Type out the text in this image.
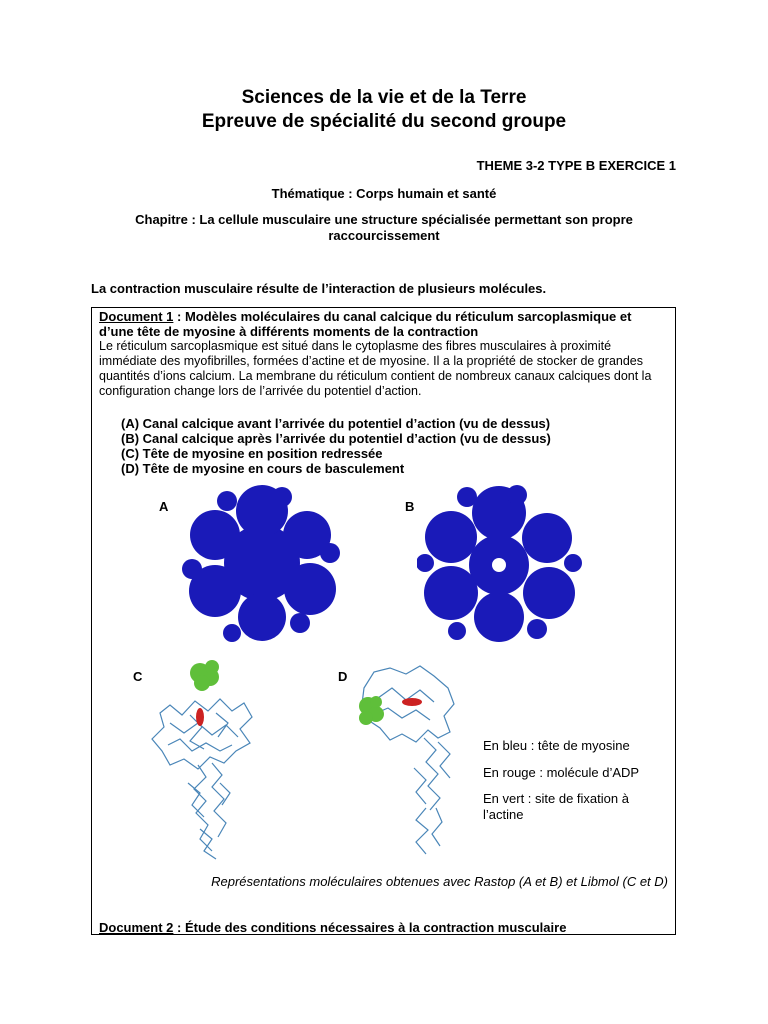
Sciences de la vie et de la Terre
Epreuve de spécialité du second groupe
THEME 3-2 TYPE B EXERCICE 1
Thématique : Corps humain et santé
Chapitre : La cellule musculaire une structure spécialisée permettant son propre raccourcissement
La contraction musculaire résulte de l’interaction de plusieurs molécules.
Document 1 : Modèles moléculaires du canal calcique du réticulum sarcoplasmique et d’une tête de myosine à différents moments de la contraction
Le réticulum sarcoplasmique est situé dans le cytoplasme des fibres musculaires à proximité immédiate des myofibrilles, formées d’actine et de myosine. Il a la propriété de stocker de grandes quantités d’ions calcium. La membrane du réticulum contient de nombreux canaux calciques dont la configuration change lors de l’arrivée du potentiel d’action.
(A) Canal calcique avant l’arrivée du potentiel d’action (vu de dessus)
(B) Canal calcique après l’arrivée du potentiel d’action (vu de dessus)
(C) Tête de myosine en position redressée
(D) Tête de myosine en cours de basculement
A	B
C	D
En bleu : tête de myosine
En rouge : molécule d’ADP
En vert : site de fixation à l’actine
Représentations moléculaires obtenues avec Rastop (A et B) et Libmol (C et D)
Document 2 : Étude des conditions nécessaires à la contraction musculaire
